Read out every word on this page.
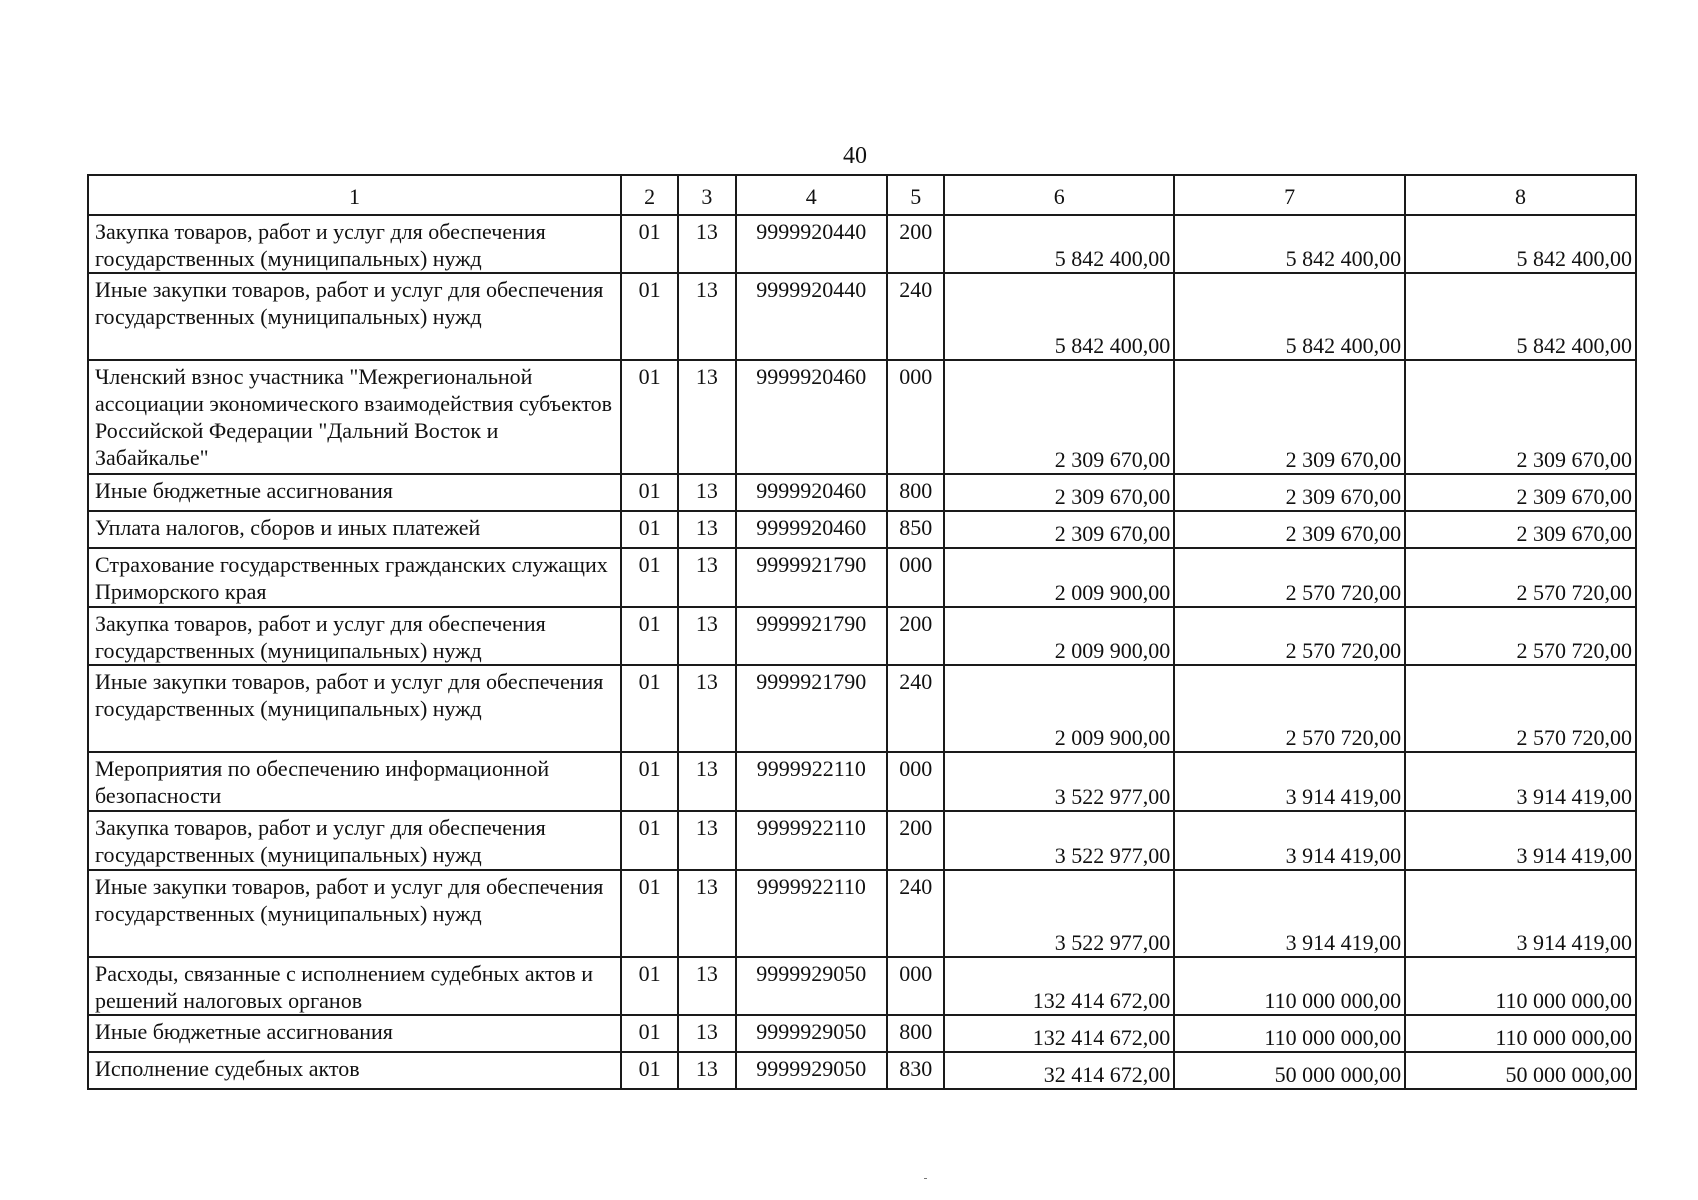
40
1	2	3	4	5	6	7	8
Закупка товаров, работ и услуг для обеспечения государственных (муниципальных) нужд	01	13	9999920440	200	5 842 400,00	5 842 400,00	5 842 400,00
Иные закупки товаров, работ и услуг для обеспечения государственных (муниципальных) нужд	01	13	9999920440	240	5 842 400,00	5 842 400,00	5 842 400,00
Членский взнос участника "Межрегиональной ассоциации экономического взаимодействия субъектов Российской Федерации "Дальний Восток и Забайкалье"	01	13	9999920460	000	2 309 670,00	2 309 670,00	2 309 670,00
Иные бюджетные ассигнования	01	13	9999920460	800	2 309 670,00	2 309 670,00	2 309 670,00
Уплата налогов, сборов и иных платежей	01	13	9999920460	850	2 309 670,00	2 309 670,00	2 309 670,00
Страхование государственных гражданских служащих Приморского края	01	13	9999921790	000	2 009 900,00	2 570 720,00	2 570 720,00
Закупка товаров, работ и услуг для обеспечения государственных (муниципальных) нужд	01	13	9999921790	200	2 009 900,00	2 570 720,00	2 570 720,00
Иные закупки товаров, работ и услуг для обеспечения государственных (муниципальных) нужд	01	13	9999921790	240	2 009 900,00	2 570 720,00	2 570 720,00
Мероприятия по обеспечению информационной безопасности	01	13	9999922110	000	3 522 977,00	3 914 419,00	3 914 419,00
Закупка товаров, работ и услуг для обеспечения государственных (муниципальных) нужд	01	13	9999922110	200	3 522 977,00	3 914 419,00	3 914 419,00
Иные закупки товаров, работ и услуг для обеспечения государственных (муниципальных) нужд	01	13	9999922110	240	3 522 977,00	3 914 419,00	3 914 419,00
Расходы, связанные с исполнением судебных актов и решений налоговых органов	01	13	9999929050	000	132 414 672,00	110 000 000,00	110 000 000,00
Иные бюджетные ассигнования	01	13	9999929050	800	132 414 672,00	110 000 000,00	110 000 000,00
Исполнение судебных актов	01	13	9999929050	830	32 414 672,00	50 000 000,00	50 000 000,00
